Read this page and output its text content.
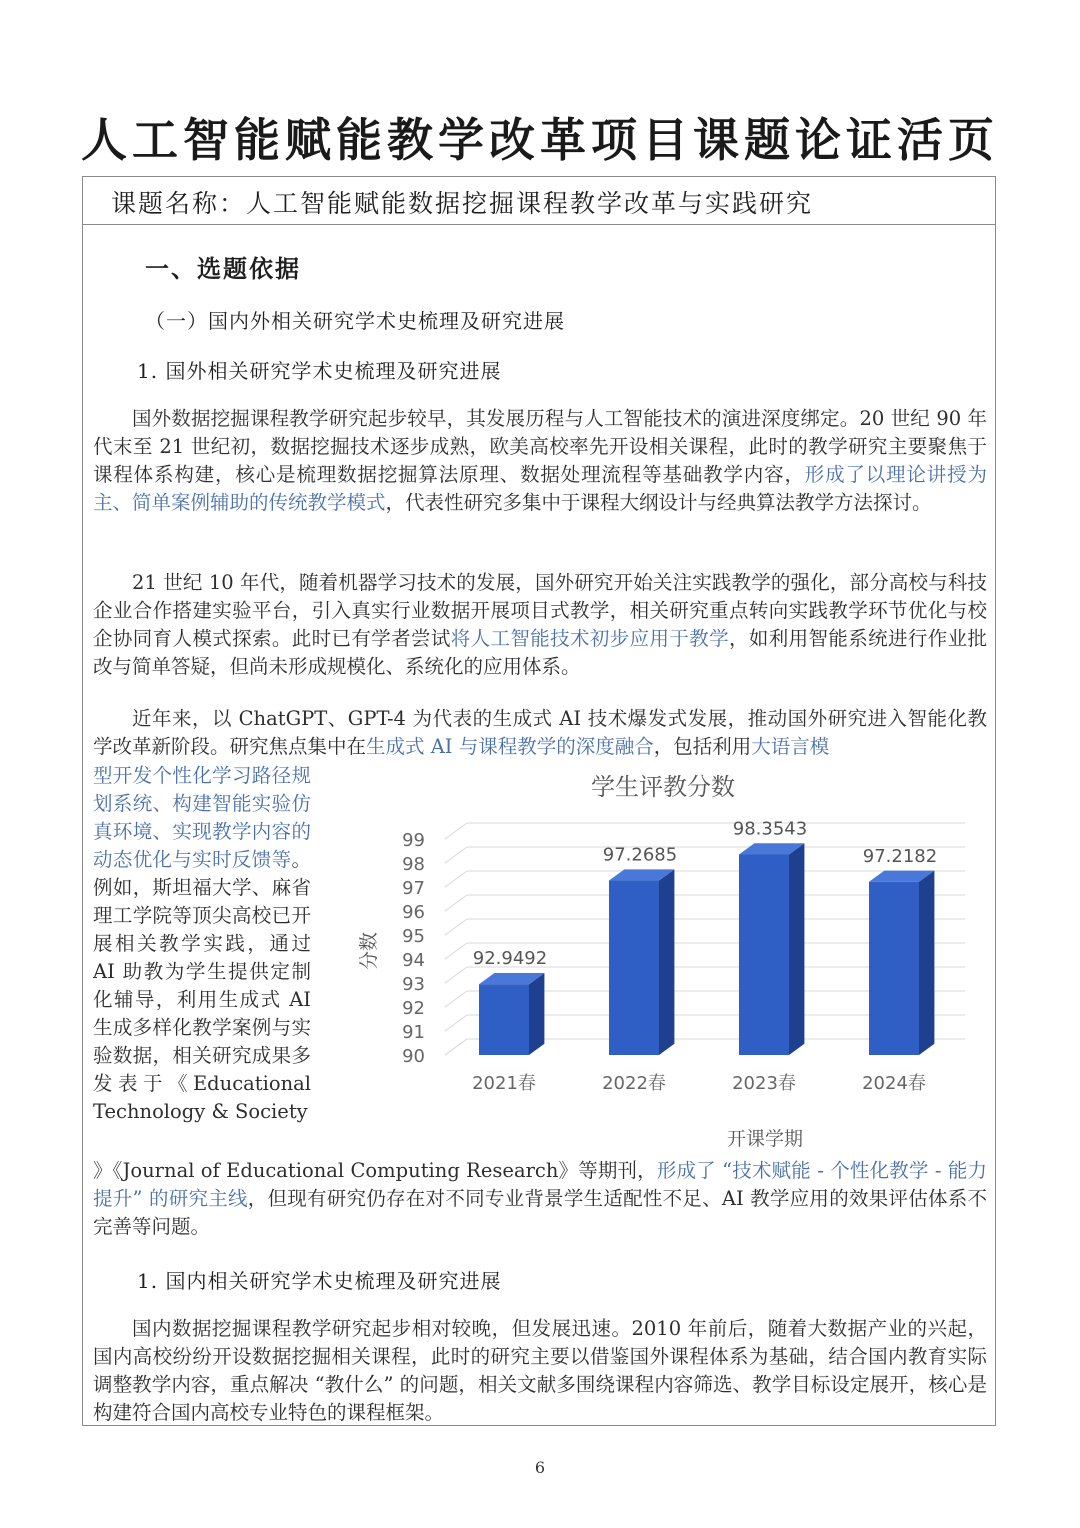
人工智能赋能教学改革项目课题论证活页
课题名称：人工智能赋能数据挖掘课程教学改革与实践研究
一、选题依据
（一）国内外相关研究学术史梳理及研究进展
1. 国外相关研究学术史梳理及研究进展
国外数据挖掘课程教学研究起步较早，其发展历程与人工智能技术的演进深度绑定。20 世纪 90 年代末至 21 世纪初，数据挖掘技术逐步成熟，欧美高校率先开设相关课程，此时的教学研究主要聚焦于课程体系构建，核心是梳理数据挖掘算法原理、数据处理流程等基础教学内容，形成了以理论讲授为主、简单案例辅助的传统教学模式，代表性研究多集中于课程大纲设计与经典算法教学方法探讨。
21 世纪 10 年代，随着机器学习技术的发展，国外研究开始关注实践教学的强化，部分高校与科技企业合作搭建实验平台，引入真实行业数据开展项目式教学，相关研究重点转向实践教学环节优化与校企协同育人模式探索。此时已有学者尝试将人工智能技术初步应用于教学，如利用智能系统进行作业批改与简单答疑，但尚未形成规模化、系统化的应用体系。
近年来，以 ChatGPT、GPT-4 为代表的生成式 AI 技术爆发式发展，推动国外研究进入智能化教学改革新阶段。研究焦点集中在生成式 AI 与课程教学的深度融合，包括利用大语言模
型开发个性化学习路径规划系统、构建智能实验仿真环境、实现教学内容的动态优化与实时反馈等。例如，斯坦福大学、麻省理工学院等顶尖高校已开展相关教学实践，通过 AI 助教为学生提供定制化辅导，利用生成式 AI 生成多样化教学案例与实验数据，相关研究成果多发表于《Educational Technology & Society
》《Journal of Educational Computing Research》等期刊，形成了 “技术赋能 - 个性化教学 - 能力提升” 的研究主线，但现有研究仍存在对不同专业背景学生适配性不足、AI 教学应用的效果评估体系不完善等问题。
1. 国内相关研究学术史梳理及研究进展
国内数据挖掘课程教学研究起步相对较晚，但发展迅速。2010 年前后，随着大数据产业的兴起，国内高校纷纷开设数据挖掘相关课程，此时的研究主要以借鉴国外课程体系为基础，结合国内教育实际调整教学内容，重点解决 “教什么” 的问题，相关文献多围绕课程内容筛选、教学目标设定展开，核心是构建符合国内高校专业特色的课程框架。
学生评教分数
90
91
92
93
94
95
96
97
98
99
分数	92.9492
97.2685
98.3543
97.2182
2021春	2022春	2023春	2024春
开课学期
6
